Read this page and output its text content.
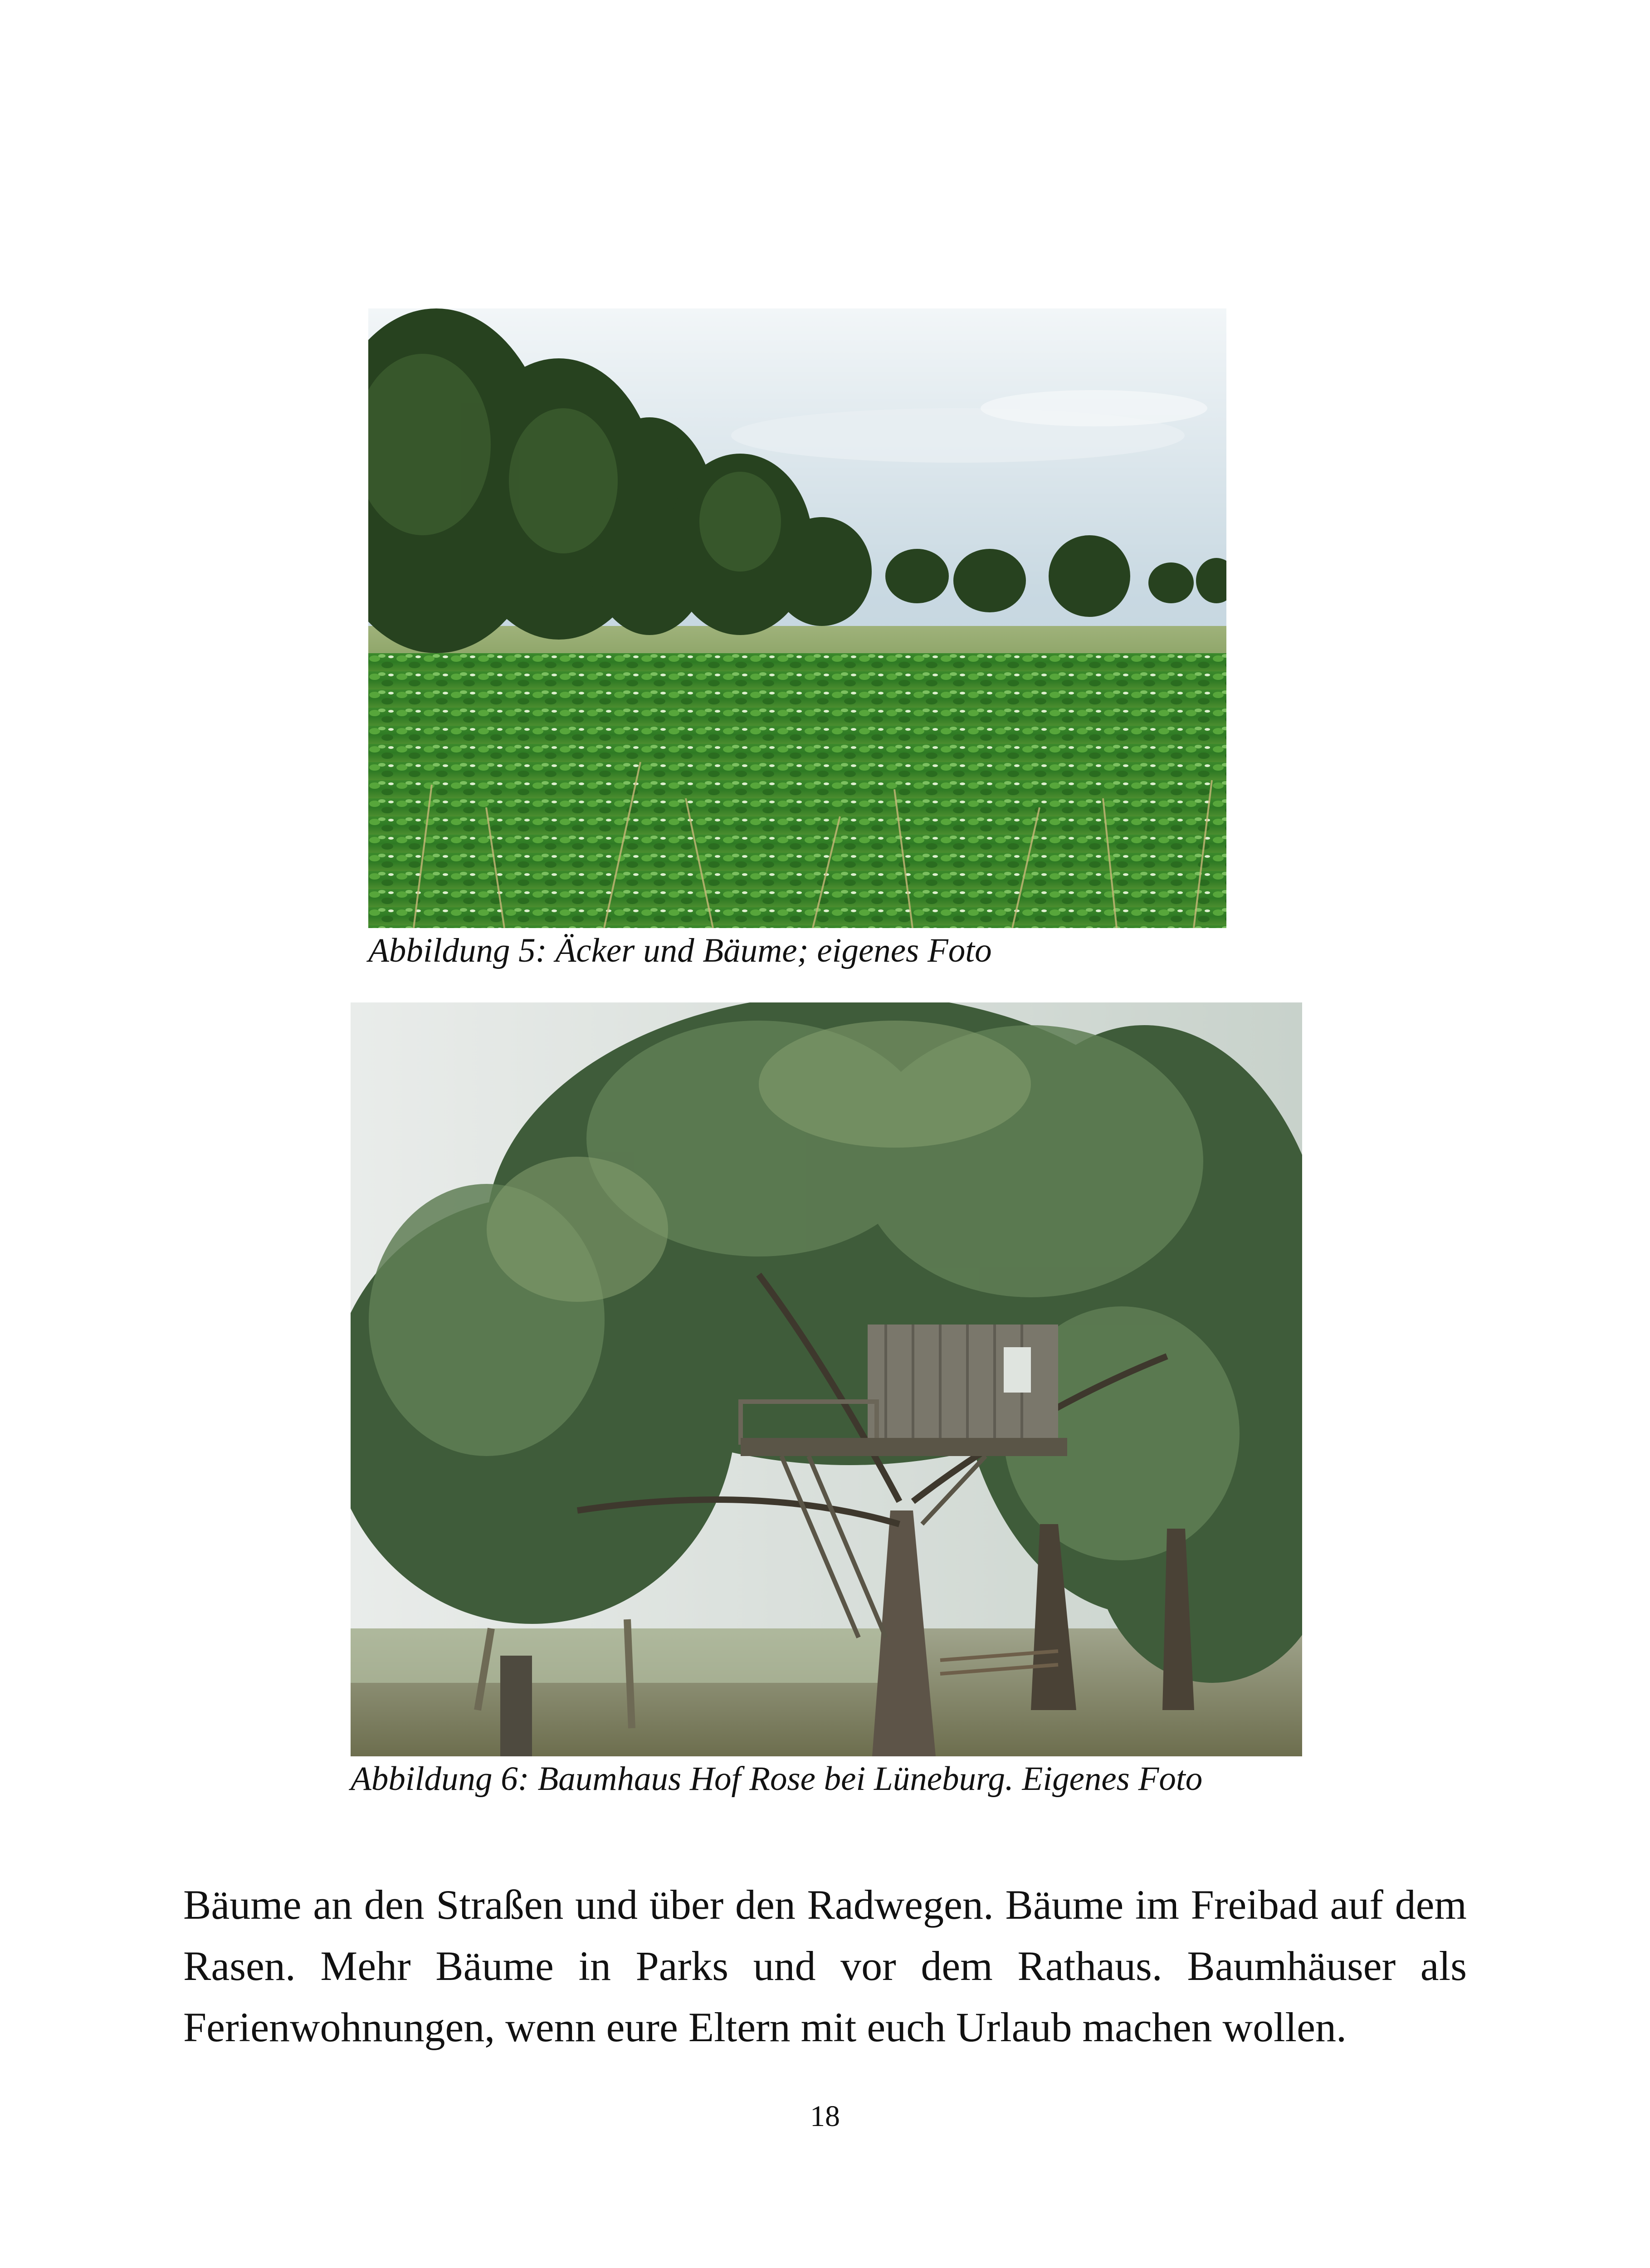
Abbildung 5: Äcker und Bäume; eigenes Foto
Abbildung 6: Baumhaus Hof Rose bei Lüneburg. Eigenes Foto

Bäume an den Straßen und über den Radwegen. Bäume im Freibad auf dem Rasen. Mehr Bäume in Parks und vor dem Rathaus. Baumhäuser als Ferienwohnungen, wenn eure Eltern mit euch Urlaub machen wollen.

18
